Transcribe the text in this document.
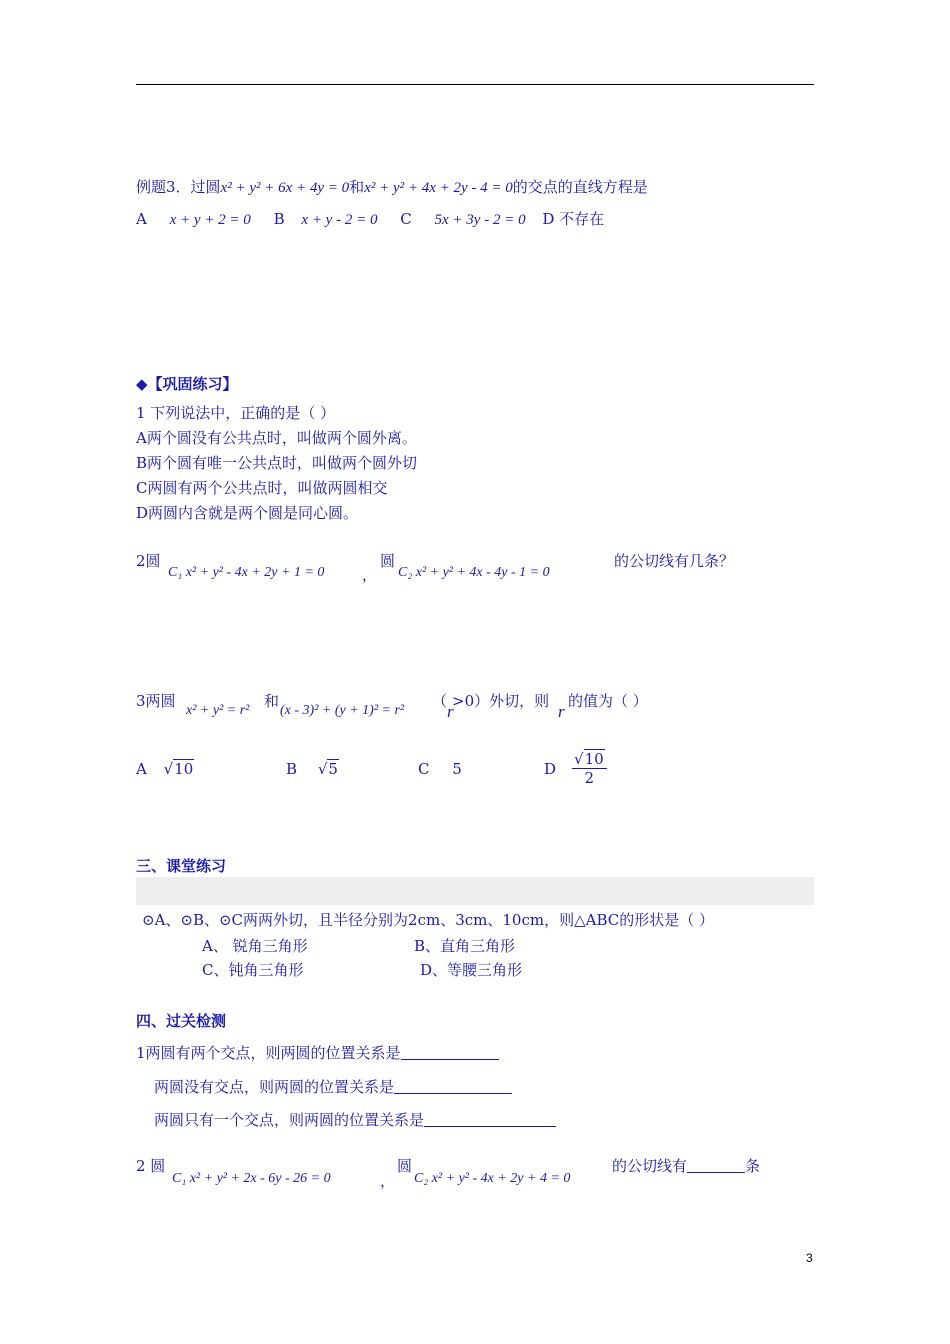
例题3．过圆x² + y² + 6x + 4y = 0和x² + y² + 4x + 2y - 4 = 0的交点的直线方程是
A x + y + 2 = 0 B x + y - 2 = 0 C 5x + 3y - 2 = 0 D 不存在
◆【巩固练习】
1 下列说法中，正确的是（ ）
A两个圆没有公共点时，叫做两个圆外离。
B两个圆有唯一公共点时，叫做两个圆外切
C两圆有两个公共点时，叫做两圆相交
D两圆内含就是两个圆是同心圆。
2圆
C₁ x² + y² - 4x + 2y + 1 = 0	，
圆
C₂ x² + y² + 4x - 4y - 1 = 0
的公切线有几条？
3两圆
x² + y² = r²
和
(x - 3)² + (y + 1)² = r²
（
r
>0）外切，则
r
的值为（ ）
A √10	B √5	C 5	D $\frac{√10}{2}$
三、课堂练习
⊙A、⊙B、⊙C两两外切，且半径分别为2cm、3cm、10cm，则△ABC的形状是（ ）
A、 锐角三角形	B、直角三角形
C、钝角三角形	D、等腰三角形
四、过关检测
1两圆有两个交点，则两圆的位置关系是
两圆没有交点，则两圆的位置关系是
两圆只有一个交点，则两圆的位置关系是
2 圆
C₁ x² + y² + 2x - 6y - 26 = 0	，
圆
C₂ x² + y² - 4x + 2y + 4 = 0
的公切线有	条
3
